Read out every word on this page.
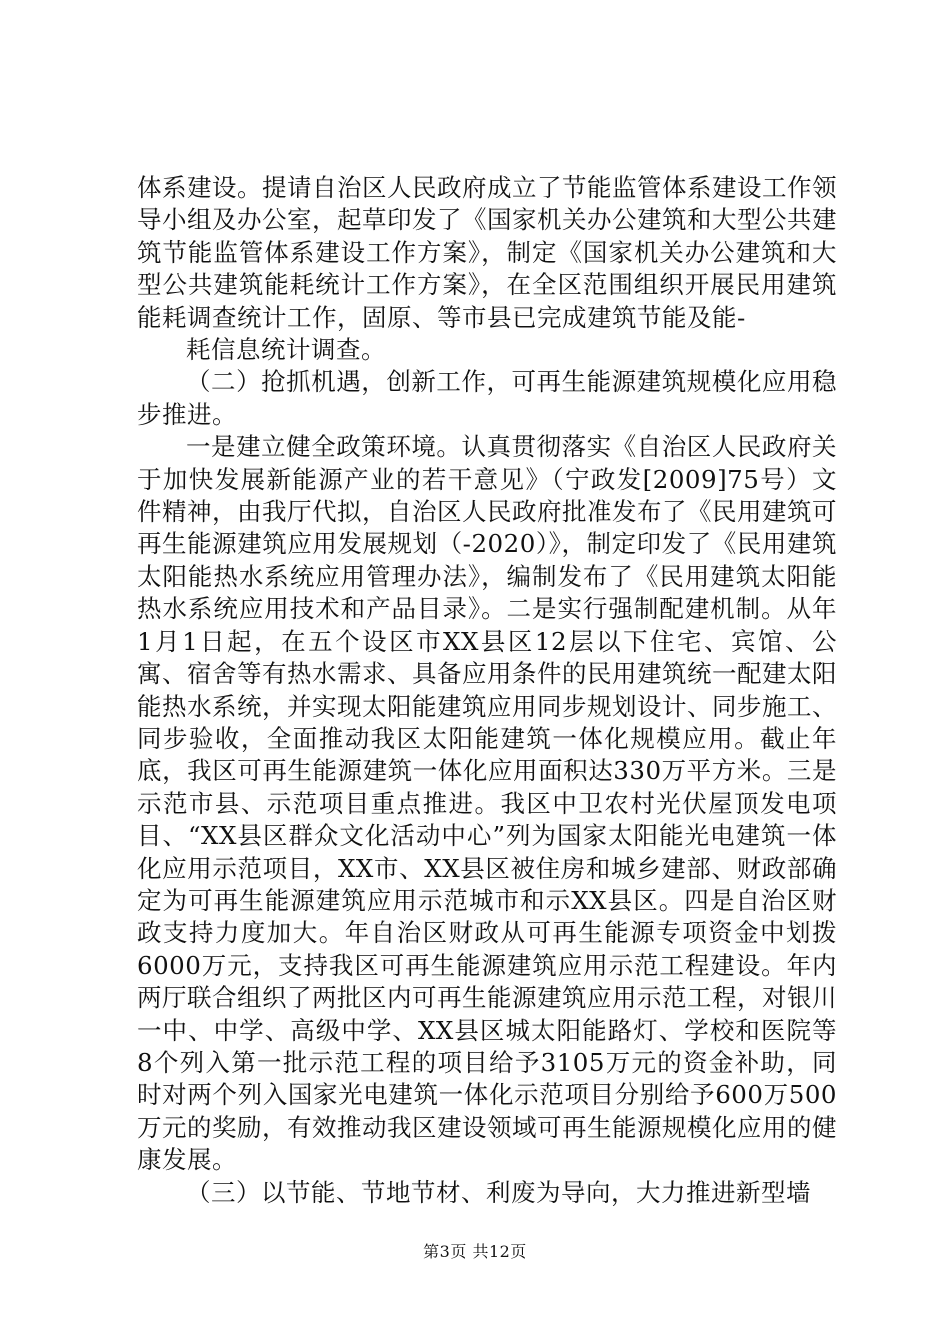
体系建设。提请自治区人民政府成立了节能监管体系建设工作领导小组及办公室，起草印发了《国家机关办公建筑和大型公共建筑节能监管体系建设工作方案》，制定《国家机关办公建筑和大型公共建筑能耗统计工作方案》，在全区范围组织开展民用建筑能耗调查统计工作，固原、等市县已完成建筑节能及能-

耗信息统计调查。

（二）抢抓机遇，创新工作，可再生能源建筑规模化应用稳步推进。

一是建立健全政策环境。认真贯彻落实《自治区人民政府关于加快发展新能源产业的若干意见》（宁政发[2009]75号）文件精神，由我厅代拟，自治区人民政府批准发布了《民用建筑可再生能源建筑应用发展规划（-2020）》，制定印发了《民用建筑太阳能热水系统应用管理办法》，编制发布了《民用建筑太阳能热水系统应用技术和产品目录》。二是实行强制配建机制。从年1月1日起，在五个设区市XX县区12层以下住宅、宾馆、公寓、宿舍等有热水需求、具备应用条件的民用建筑统一配建太阳能热水系统，并实现太阳能建筑应用同步规划设计、同步施工、同步验收，全面推动我区太阳能建筑一体化规模应用。截止年底，我区可再生能源建筑一体化应用面积达330万平方米。三是示范市县、示范项目重点推进。我区中卫农村光伏屋顶发电项目、“XX县区群众文化活动中心”列为国家太阳能光电建筑一体化应用示范项目，XX市、XX县区被住房和城乡建部、财政部确定为可再生能源建筑应用示范城市和示XX县区。四是自治区财政支持力度加大。年自治区财政从可再生能源专项资金中划拨6000万元，支持我区可再生能源建筑应用示范工程建设。年内两厅联合组织了两批区内可再生能源建筑应用示范工程，对银川一中、中学、高级中学、XX县区城太阳能路灯、学校和医院等8个列入第一批示范工程的项目给予3105万元的资金补助，同时对两个列入国家光电建筑一体化示范项目分别给予600万500万元的奖励，有效推动我区建设领域可再生能源规模化应用的健康发展。

（三）以节能、节地节材、利废为导向，大力推进新型墙

第3页 共12页
